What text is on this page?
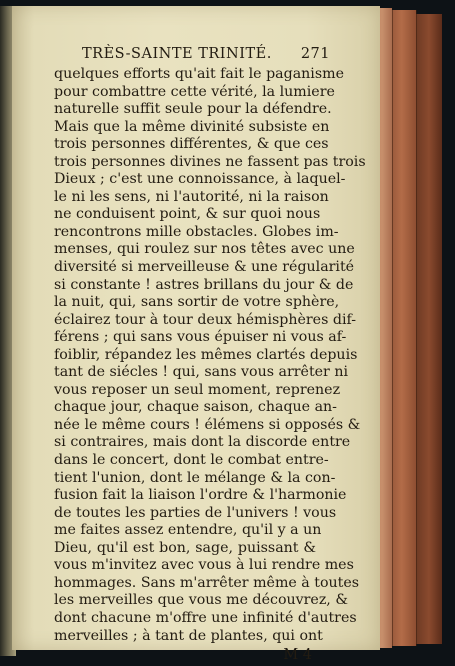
TRÈS-SAINTE TRINITÉ. 271
quelques efforts qu'ait fait le paganisme
pour combattre cette vérité, la lumiere
naturelle suffit seule pour la défendre.
Mais que la même divinité subsiste en
trois personnes différentes, & que ces
trois personnes divines ne fassent pas trois
Dieux ; c'est une connoissance, à laquel-
le ni les sens, ni l'autorité, ni la raison
ne conduisent point, & sur quoi nous
rencontrons mille obstacles. Globes im-
menses, qui roulez sur nos têtes avec une
diversité si merveilleuse & une régularité
si constante ! astres brillans du jour & de
la nuit, qui, sans sortir de votre sphère,
éclairez tour à tour deux hémisphères dif-
férens ; qui sans vous épuiser ni vous af-
foiblir, répandez les mêmes clartés depuis
tant de siécles ! qui, sans vous arrêter ni
vous reposer un seul moment, reprenez
chaque jour, chaque saison, chaque an-
née le même cours ! élémens si opposés &
si contraires, mais dont la discorde entre
dans le concert, dont le combat entre-
tient l'union, dont le mélange & la con-
fusion fait la liaison l'ordre & l'harmonie
de toutes les parties de l'univers ! vous
me faites assez entendre, qu'il y a un
Dieu, qu'il est bon, sage, puissant &
vous m'invitez avec vous à lui rendre mes
hommages. Sans m'arrêter même à toutes
les merveilles que vous me découvrez, &
dont chacune m'offre une infinité d'autres
merveilles ; à tant de plantes, qui ont
M 4
